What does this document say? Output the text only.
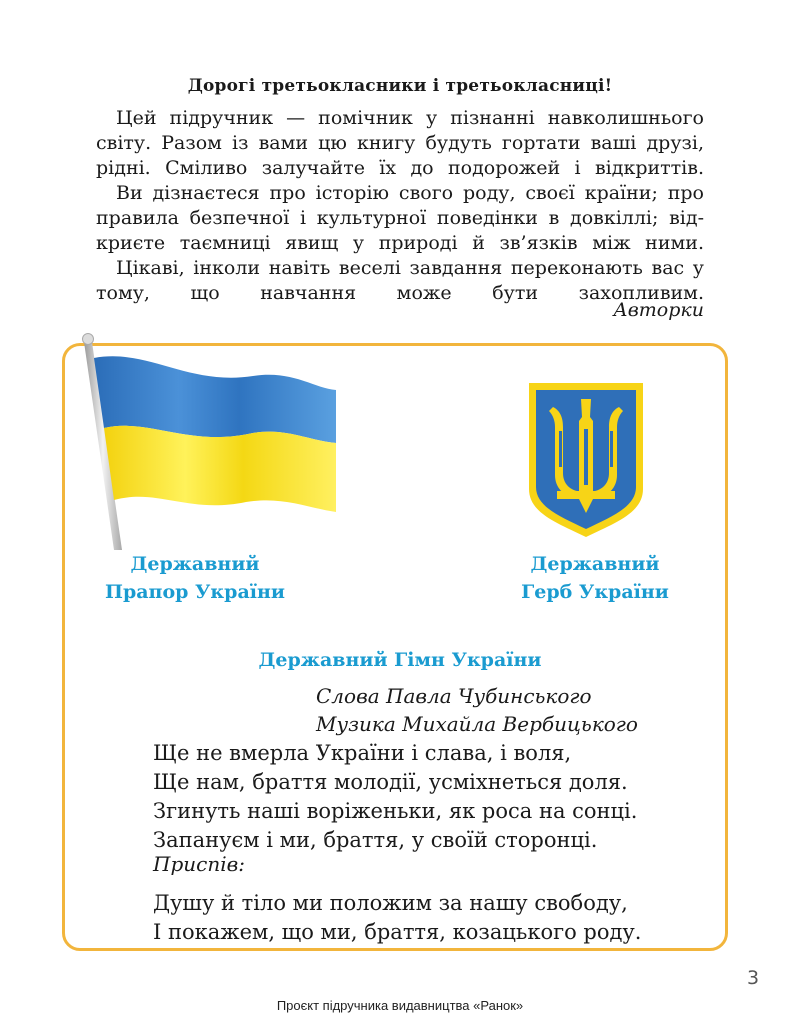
Дорогі третьокласники і третьокласниці!
Цей підручник — помічник у пізнанні навколишнього світу. Разом із вами цю книгу будуть гортати ваші друзі, рідні. Сміливо залучайте їх до подорожей і відкриттів.
Ви дізнаєтеся про історію свого роду, своєї країни; про правила безпечної і культурної поведінки в довкіллі; відкриєте таємниці явищ у природі й зв’язків між ними.
Цікаві, інколи навіть веселі завдання переконають вас у тому, що навчання може бути захопливим.
Авторки
Державний
Прапор України
Державний
Герб України
Державний Гімн України
Слова Павла Чубинського
Музика Михайла Вербицького
Ще не вмерла України і слава, і воля,
Ще нам, браття молодії, усміхнеться доля.
Згинуть наші воріженьки, як роса на сонці.
Запануєм і ми, браття, у своїй сторонці.
Приспів:
Душу й тіло ми положим за нашу свободу,
І покажем, що ми, браття, козацького роду.
3
Проєкт підручника видавництва «Ранок»
